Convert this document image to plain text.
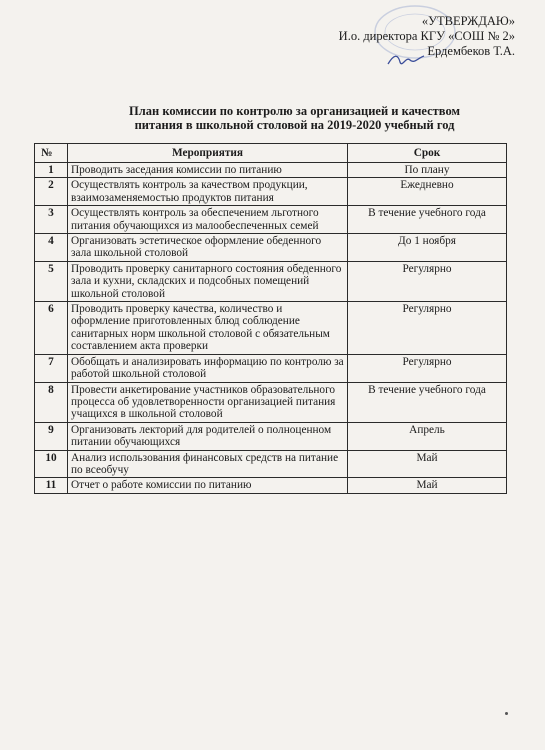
«УТВЕРЖДАЮ»
И.о. директора КГУ «СОШ № 2»
Ердембеков Т.А.
План комиссии по контролю за организацией и качеством
питания в школьной столовой на 2019-2020 учебный год
№	Мероприятия	Срок
1	Проводить заседания комиссии по питанию	По плану
2	Осуществлять контроль за качеством продукции, взаимозаменяемостью продуктов питания	Ежедневно
3	Осуществлять контроль за обеспечением льготного питания обучающихся из малообеспеченных семей	В течение учебного года
4	Организовать эстетическое оформление обеденного зала школьной столовой	До 1 ноября
5	Проводить проверку санитарного состояния обеденного зала и кухни, складских и подсобных помещений школьной столовой	Регулярно
6	Проводить проверку качества, количество и оформление приготовленных блюд соблюдение санитарных норм школьной столовой с обязательным составлением акта проверки	Регулярно
7	Обобщать и анализировать информацию по контролю за работой школьной столовой	Регулярно
8	Провести анкетирование участников образовательного процесса об удовлетворенности организацией питания учащихся в школьной столовой	В течение учебного года
9	Организовать лекторий для родителей о полноценном питании обучающихся	Апрель
10	Анализ использования финансовых средств на питание по всеобучу	Май
11	Отчет о работе комиссии по питанию	Май
